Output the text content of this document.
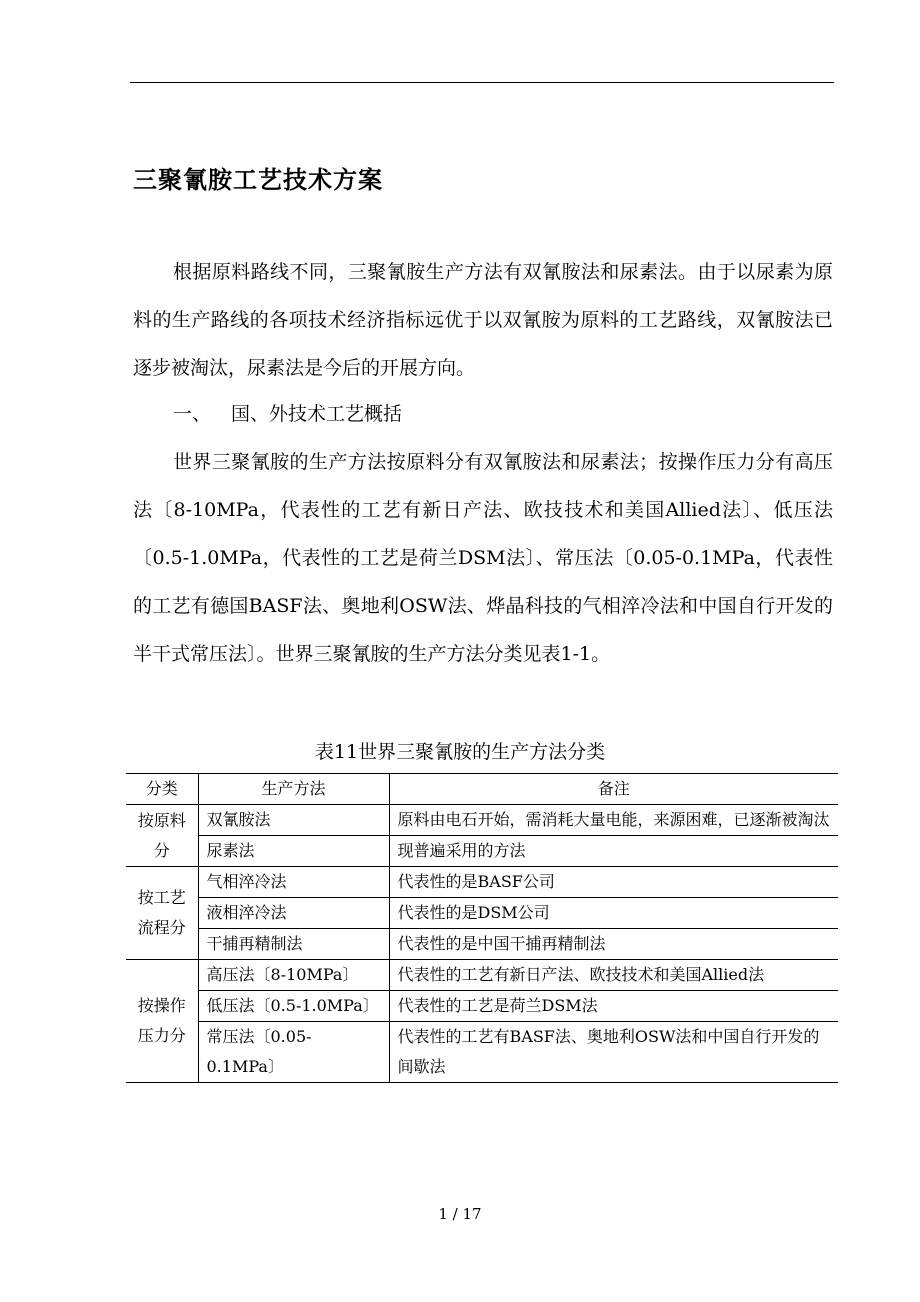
三聚氰胺工艺技术方案

根据原料路线不同，三聚氰胺生产方法有双氰胺法和尿素法。由于以尿素为原料的生产路线的各项技术经济指标远优于以双氰胺为原料的工艺路线，双氰胺法已逐步被淘汰，尿素法是今后的开展方向。

一、 国、外技术工艺概括

世界三聚氰胺的生产方法按原料分有双氰胺法和尿素法；按操作压力分有高压法〔8-10MPa，代表性的工艺有新日产法、欧技技术和美国Allied法〕、低压法〔0.5-1.0MPa，代表性的工艺是荷兰DSM法〕、常压法〔0.05-0.1MPa，代表性的工艺有德国BASF法、奥地利OSW法、烨晶科技的气相淬冷法和中国自行开发的半干式常压法〕。世界三聚氰胺的生产方法分类见表1-1。

表11世界三聚氰胺的生产方法分类

分类	生产方法	备注
按原料分	双氰胺法	原料由电石开始，需消耗大量电能，来源困难，已逐渐被淘汰
	尿素法	现普遍采用的方法
按工艺流程分	气相淬冷法	代表性的是BASF公司
	液相淬冷法	代表性的是DSM公司
	干捕再精制法	代表性的是中国干捕再精制法
按操作压力分	高压法〔8-10MPa〕	代表性的工艺有新日产法、欧技技术和美国Allied法
	低压法〔0.5-1.0MPa〕	代表性的工艺是荷兰DSM法
	常压法〔0.05-0.1MPa〕	代表性的工艺有BASF法、奥地利OSW法和中国自行开发的间歇法

1 / 17
